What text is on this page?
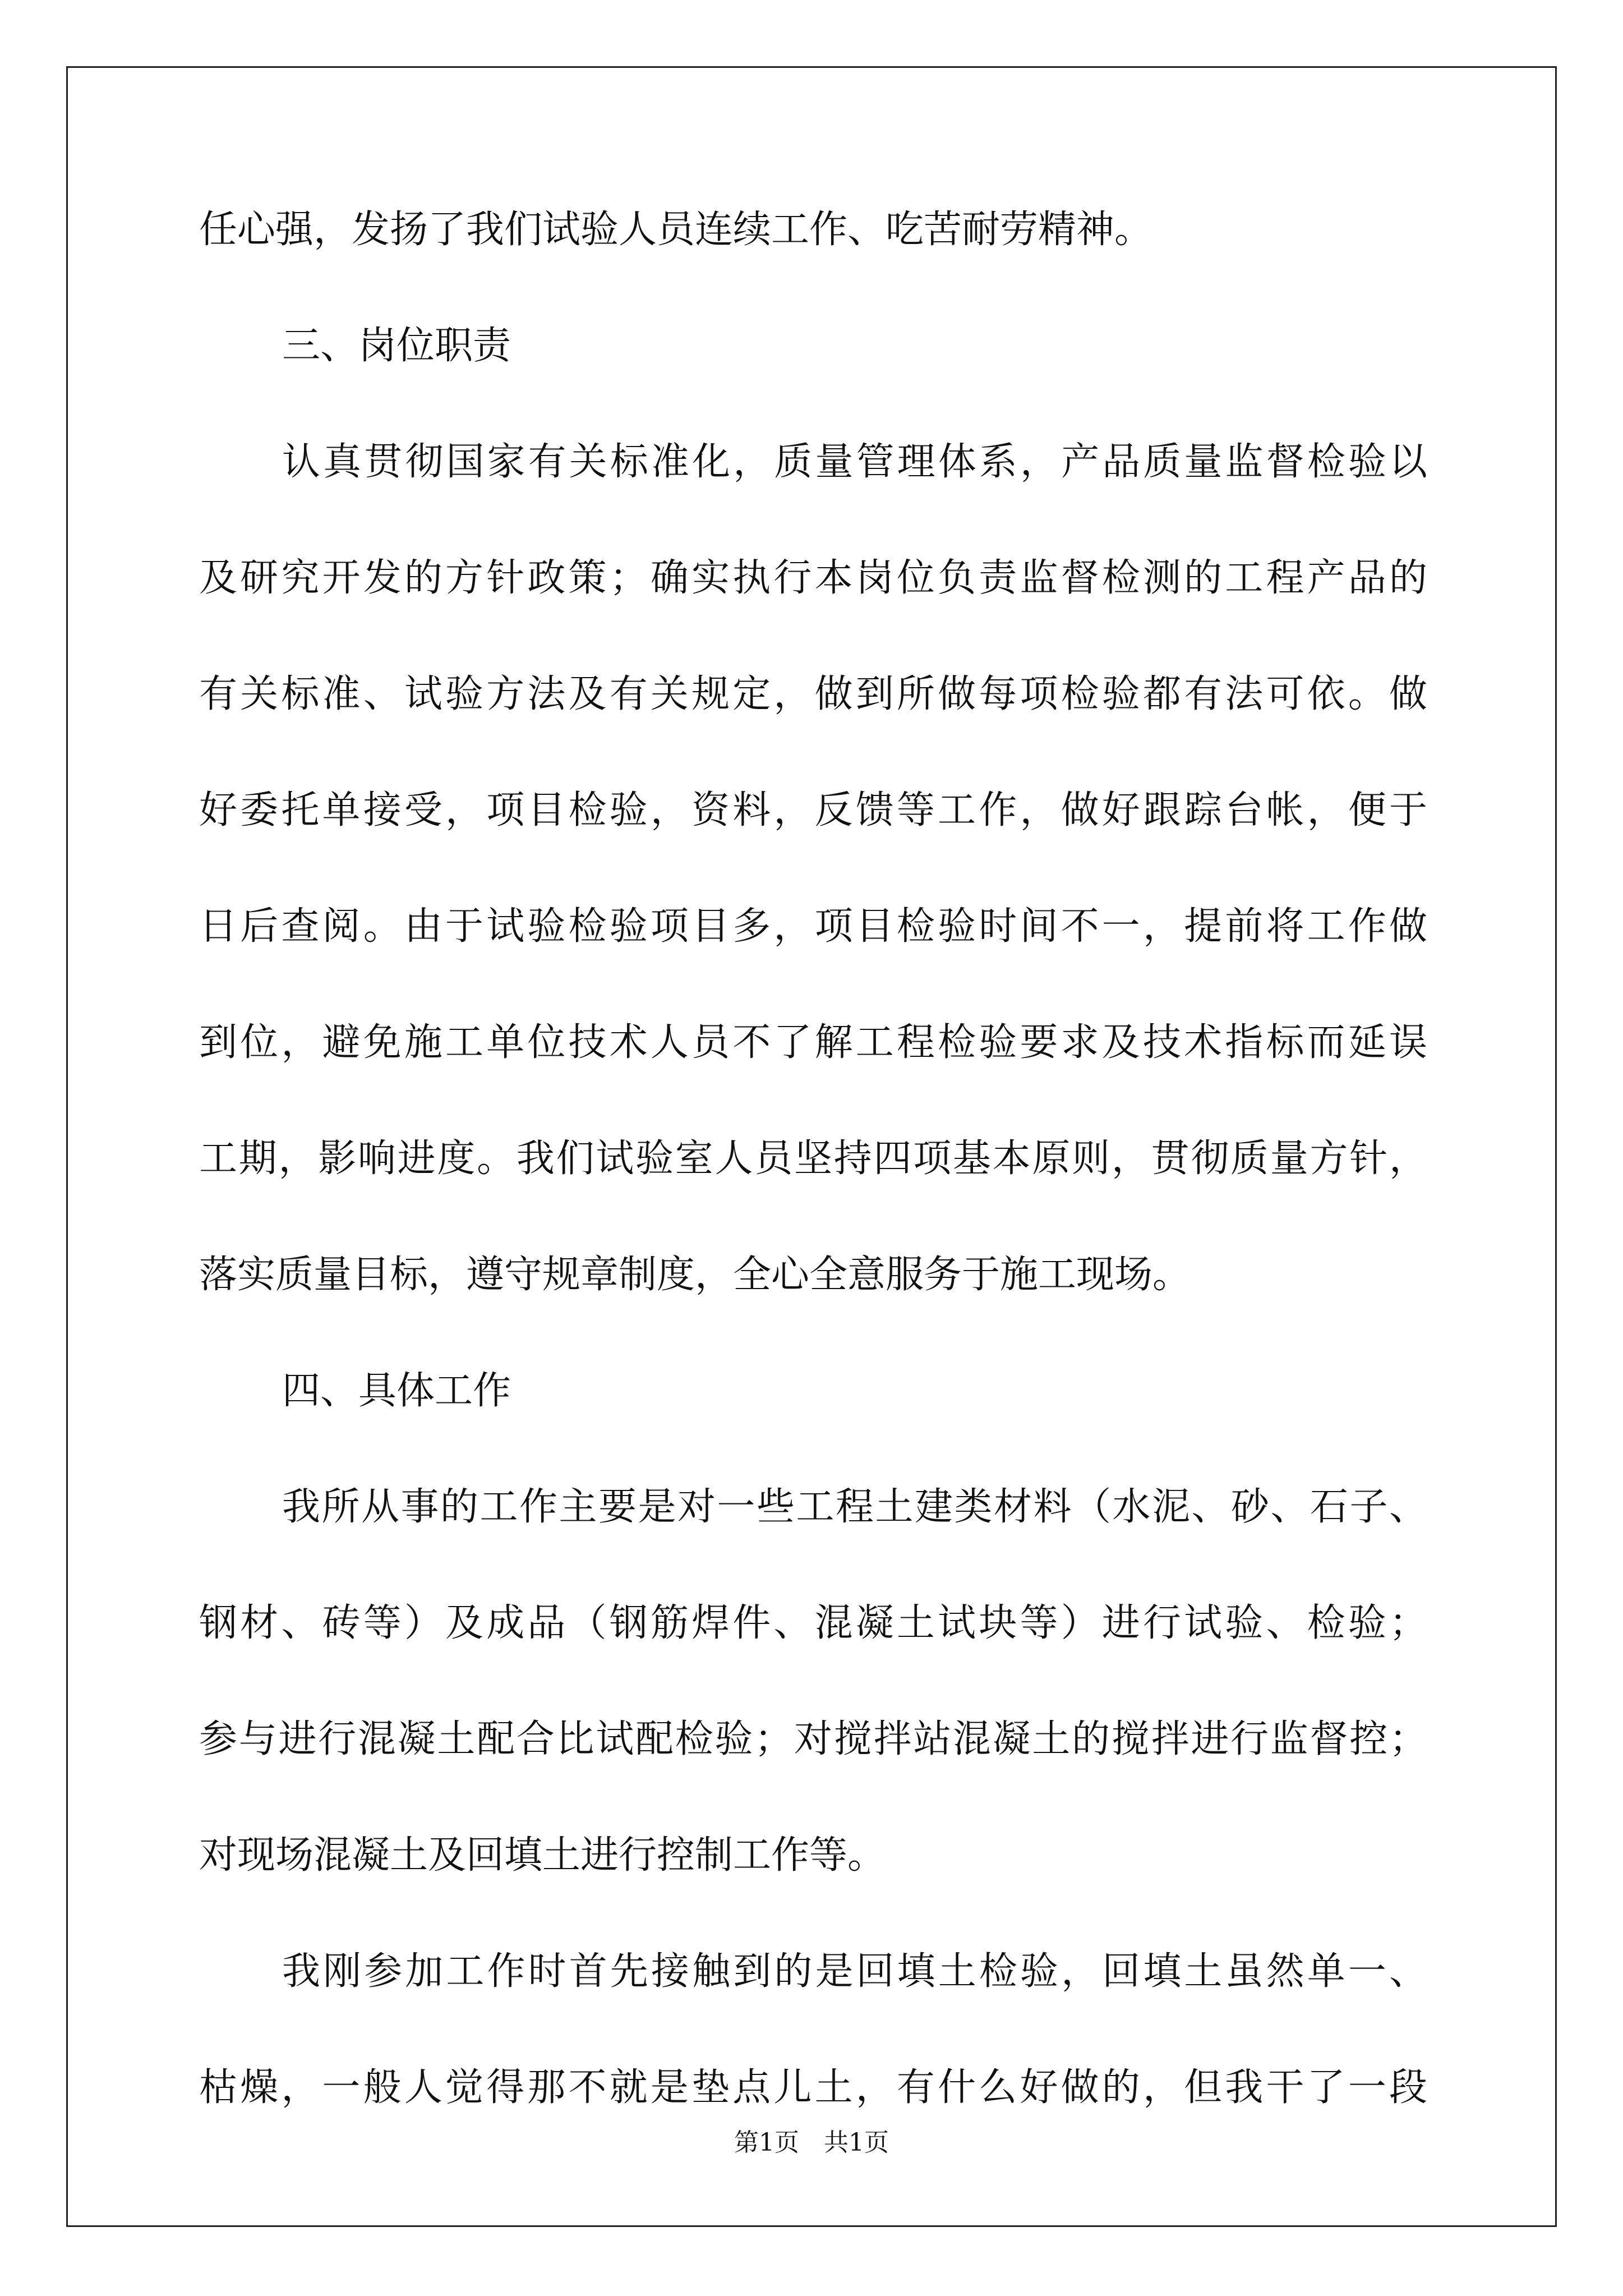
任心强，发扬了我们试验人员连续工作、吃苦耐劳精神。
三、岗位职责
认真贯彻国家有关标准化，质量管理体系，产品质量监督检验以
及研究开发的方针政策；确实执行本岗位负责监督检测的工程产品的
有关标准、试验方法及有关规定，做到所做每项检验都有法可依。做
好委托单接受，项目检验，资料，反馈等工作，做好跟踪台帐，便于
日后查阅。由于试验检验项目多，项目检验时间不一，提前将工作做
到位，避免施工单位技术人员不了解工程检验要求及技术指标而延误
工期，影响进度。我们试验室人员坚持四项基本原则，贯彻质量方针，
落实质量目标，遵守规章制度，全心全意服务于施工现场。
四、具体工作
我所从事的工作主要是对一些工程土建类材料（水泥、砂、石子、
钢材、砖等）及成品（钢筋焊件、混凝土试块等）进行试验、检验；
参与进行混凝土配合比试配检验；对搅拌站混凝土的搅拌进行监督控；
对现场混凝土及回填土进行控制工作等。
我刚参加工作时首先接触到的是回填土检验，回填土虽然单一、
枯燥，一般人觉得那不就是垫点儿土，有什么好做的，但我干了一段
第1页　共1页
